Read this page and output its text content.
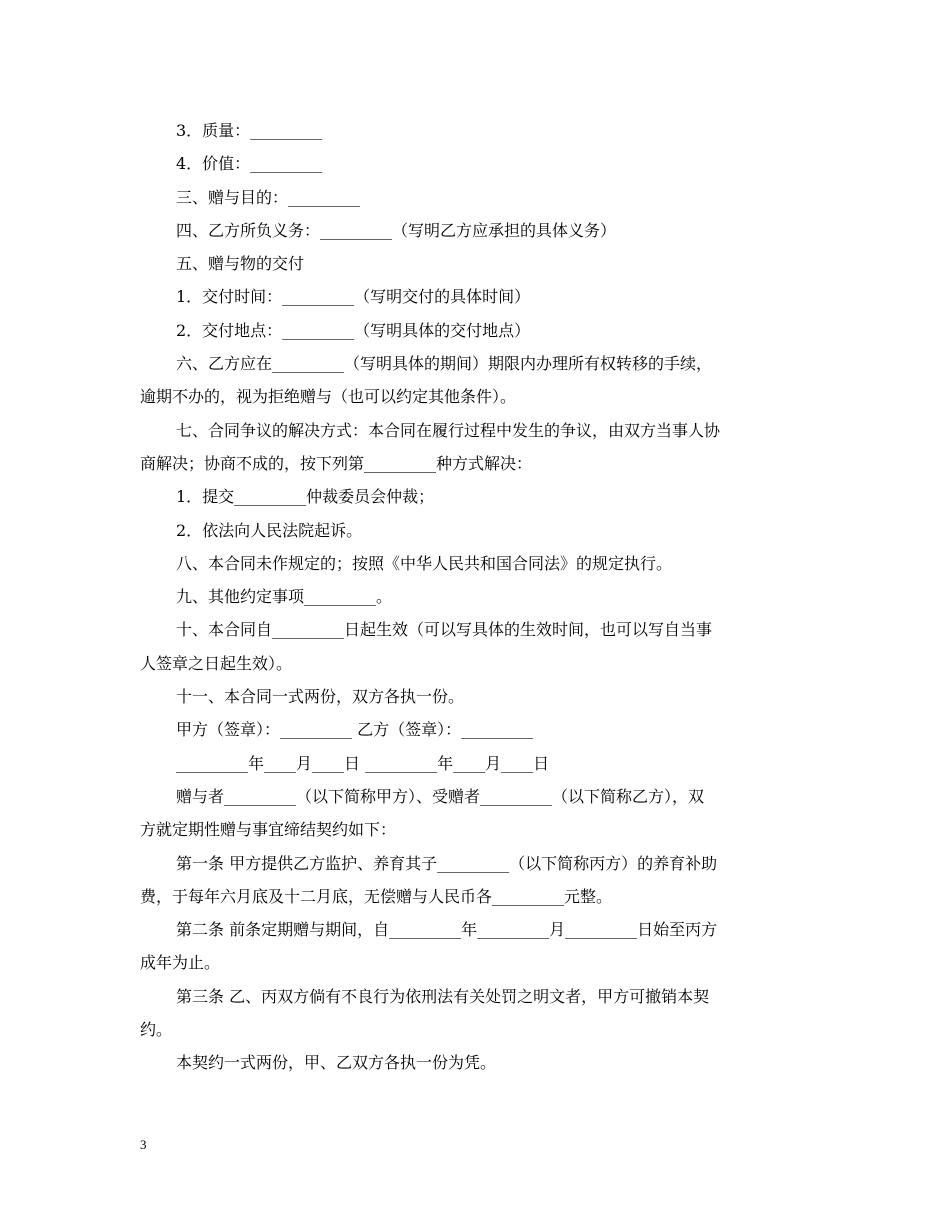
3．质量：_________
4．价值：_________
三、赠与目的：_________
四、乙方所负义务：_________（写明乙方应承担的具体义务）
五、赠与物的交付
1．交付时间：_________（写明交付的具体时间）
2．交付地点：_________（写明具体的交付地点）
六、乙方应在_________（写明具体的期间）期限内办理所有权转移的手续，
逾期不办的，视为拒绝赠与（也可以约定其他条件）。
七、合同争议的解决方式：本合同在履行过程中发生的争议，由双方当事人协
商解决；协商不成的，按下列第_________种方式解决：
1．提交_________仲裁委员会仲裁；
2．依法向人民法院起诉。
八、本合同未作规定的；按照《中华人民共和国合同法》的规定执行。
九、其他约定事项_________。
十、本合同自_________日起生效（可以写具体的生效时间，也可以写自当事
人签章之日起生效）。
十一、本合同一式两份，双方各执一份。
甲方（签章）：_________ 乙方（签章）：_________
_________年____月____日 _________年____月____日
赠与者_________（以下简称甲方）、受赠者_________（以下简称乙方），双
方就定期性赠与事宜缔结契约如下：
第一条 甲方提供乙方监护、养育其子_________（以下简称丙方）的养育补助
费，于每年六月底及十二月底，无偿赠与人民币各_________元整。
第二条 前条定期赠与期间，自_________年_________月_________日始至丙方
成年为止。
第三条 乙、丙双方倘有不良行为依刑法有关处罚之明文者，甲方可撤销本契
约。
本契约一式两份，甲、乙双方各执一份为凭。
3
